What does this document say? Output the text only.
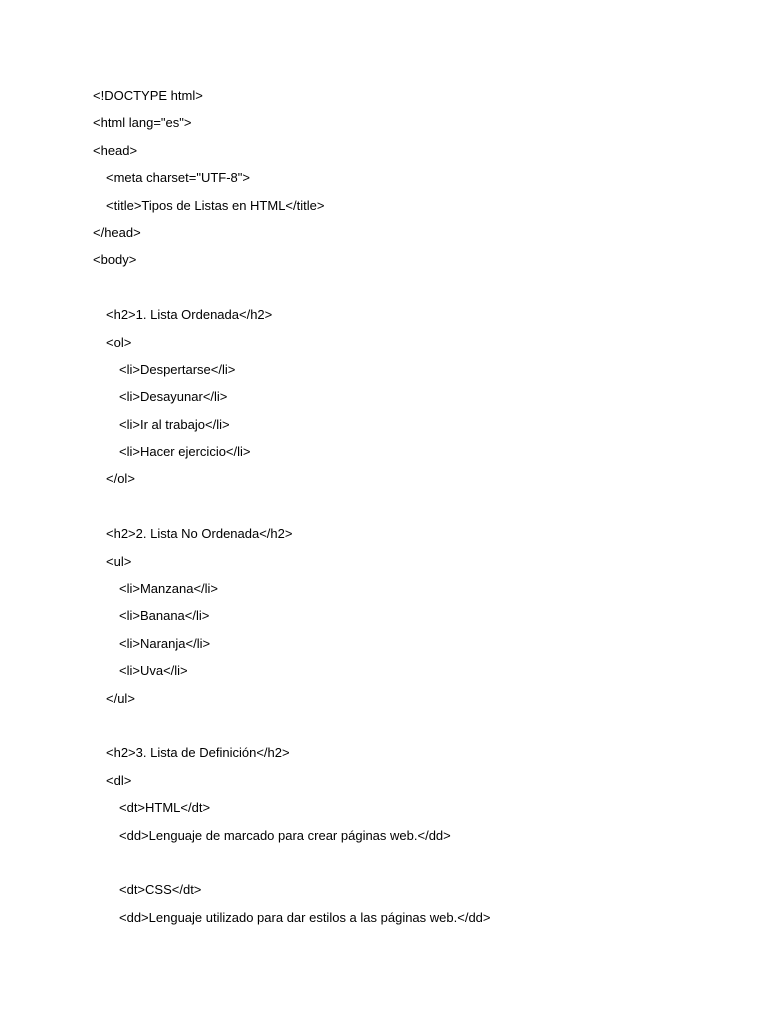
<!DOCTYPE html>
<html lang="es">
<head>
<meta charset="UTF-8">
<title>Tipos de Listas en HTML</title>
</head>
<body>
<h2>1. Lista Ordenada</h2>
<ol>
<li>Despertarse</li>
<li>Desayunar</li>
<li>Ir al trabajo</li>
<li>Hacer ejercicio</li>
</ol>
<h2>2. Lista No Ordenada</h2>
<ul>
<li>Manzana</li>
<li>Banana</li>
<li>Naranja</li>
<li>Uva</li>
</ul>
<h2>3. Lista de Definición</h2>
<dl>
<dt>HTML</dt>
<dd>Lenguaje de marcado para crear páginas web.</dd>
<dt>CSS</dt>
<dd>Lenguaje utilizado para dar estilos a las páginas web.</dd>
